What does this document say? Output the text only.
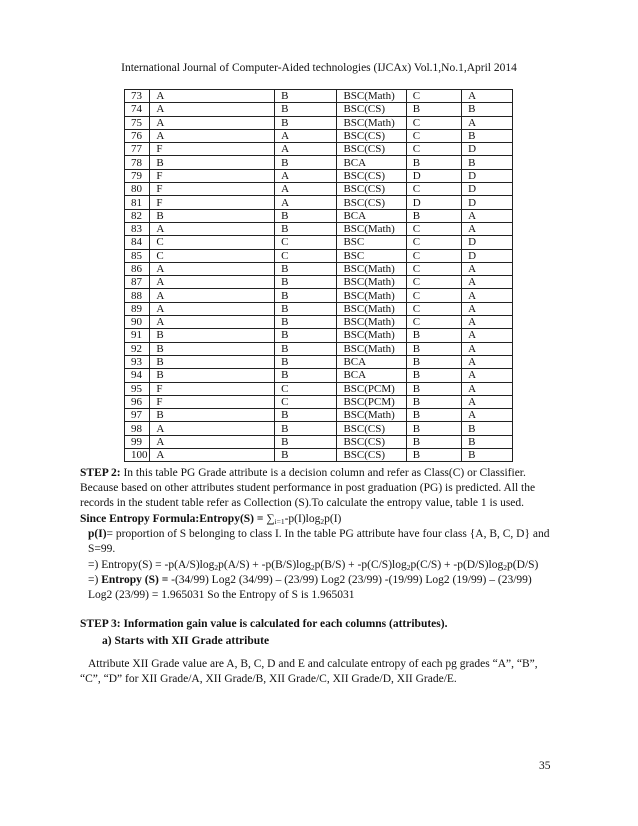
International Journal of Computer-Aided technologies (IJCAx) Vol.1,No.1,April 2014
73	A	B	BSC(Math)	C	A
74	A	B	BSC(CS)	B	B
75	A	B	BSC(Math)	C	A
76	A	A	BSC(CS)	C	B
77	F	A	BSC(CS)	C	D
78	B	B	BCA	B	B
79	F	A	BSC(CS)	D	D
80	F	A	BSC(CS)	C	D
81	F	A	BSC(CS)	D	D
82	B	B	BCA	B	A
83	A	B	BSC(Math)	C	A
84	C	C	BSC	C	D
85	C	C	BSC	C	D
86	A	B	BSC(Math)	C	A
87	A	B	BSC(Math)	C	A
88	A	B	BSC(Math)	C	A
89	A	B	BSC(Math)	C	A
90	A	B	BSC(Math)	C	A
91	B	B	BSC(Math)	B	A
92	B	B	BSC(Math)	B	A
93	B	B	BCA	B	A
94	B	B	BCA	B	A
95	F	C	BSC(PCM)	B	A
96	F	C	BSC(PCM)	B	A
97	B	B	BSC(Math)	B	A
98	A	B	BSC(CS)	B	B
99	A	B	BSC(CS)	B	B
100	A	B	BSC(CS)	B	B
STEP 2: In this table PG Grade attribute is a decision column and refer as Class(C) or Classifier. Because based on other attributes student performance in post graduation (PG) is predicted. All the records in the student table refer as Collection (S).To calculate the entropy value, table 1 is used.
Since Entropy Formula:Entropy(S) = $\sum_{i=1}-p(I)\log_2p(I)$
p(I)= proportion of S belonging to class I. In the table PG attribute have four class {A, B, C, D} and S=99.
=) Entropy(S) = $-p(A/S)\log_2p(A/S) + -p(B/S)\log_2p(B/S) + -p(C/S)\log_2p(C/S) + -p(D/S)\log_2p(D/S)$
=) Entropy (S) = -(34/99) Log2 (34/99) – (23/99) Log2 (23/99) -(19/99) Log2 (19/99) – (23/99) Log2 (23/99) = 1.965031 So the Entropy of S is 1.965031
STEP 3: Information gain value is calculated for each columns (attributes).
a) Starts with XII Grade attribute
Attribute XII Grade value are A, B, C, D and E and calculate entropy of each pg grades “A”, “B”, “C”, “D” for XII Grade/A, XII Grade/B, XII Grade/C, XII Grade/D, XII Grade/E.
35
